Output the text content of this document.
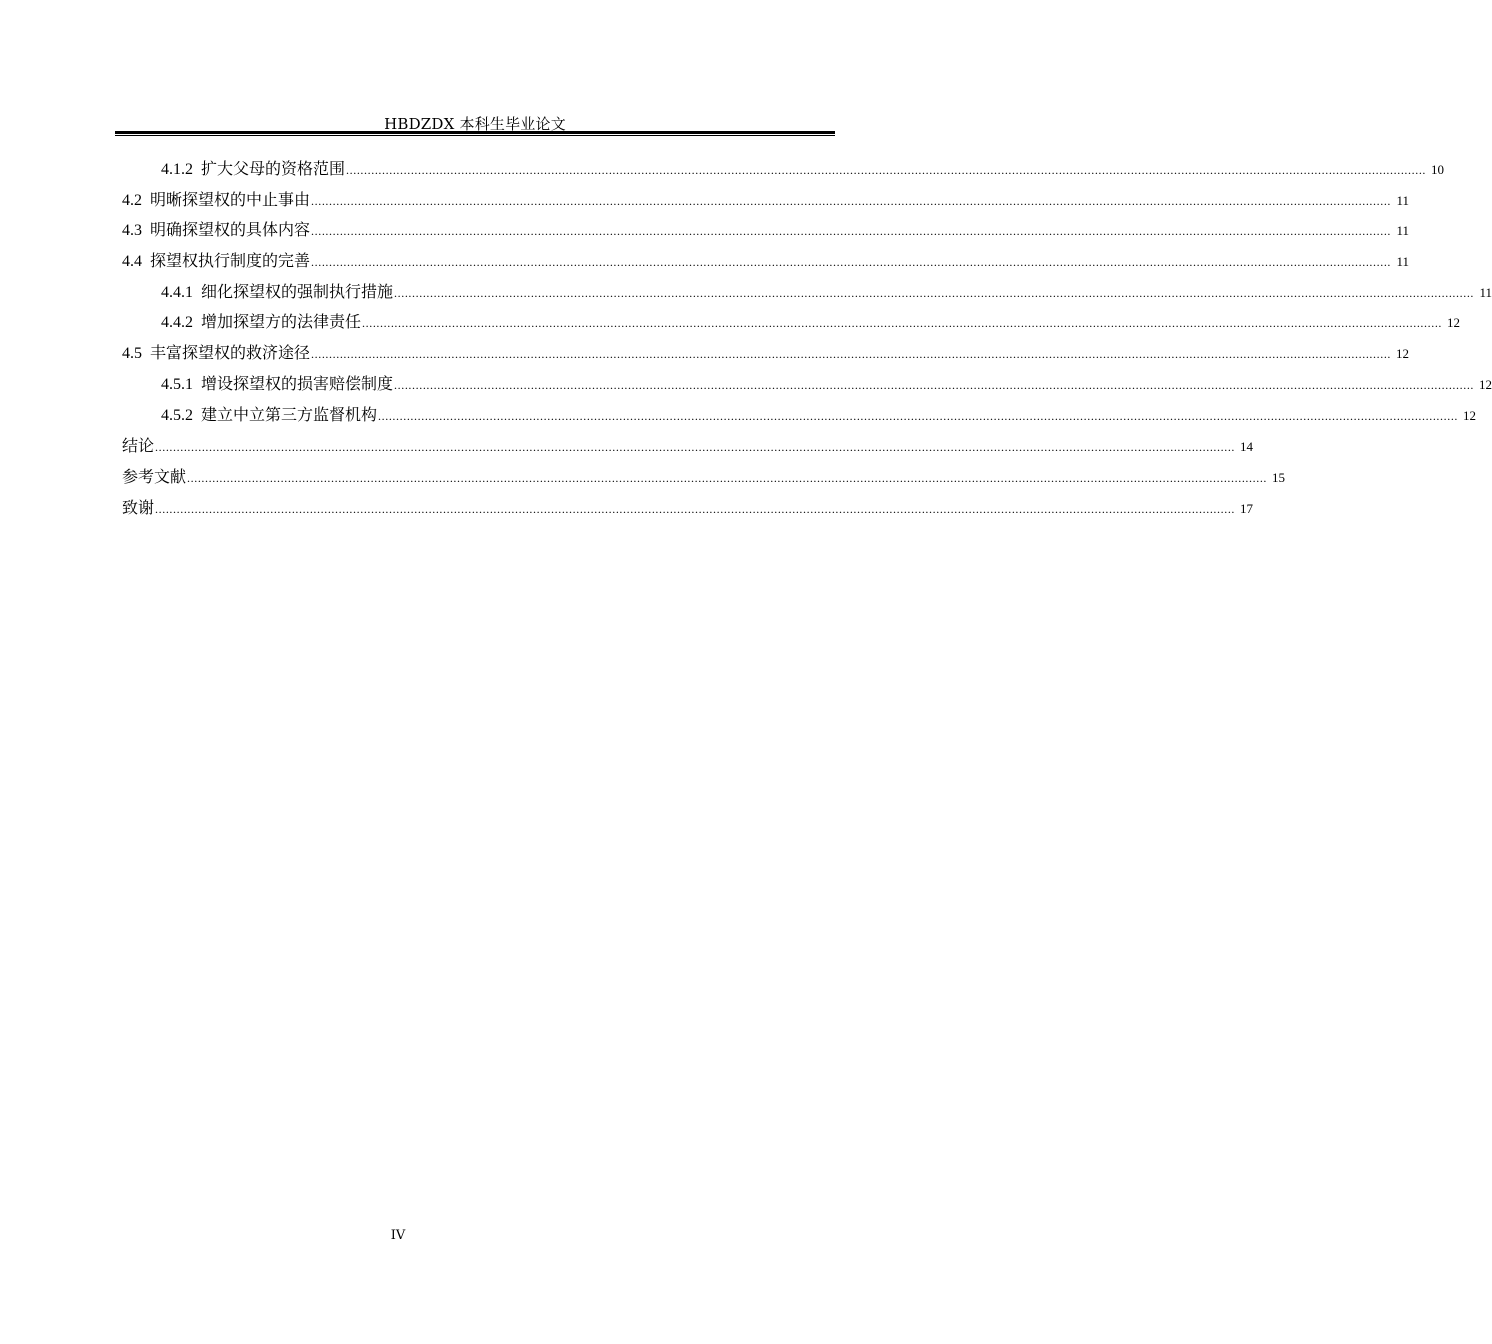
HBDZDX 本科生毕业论文
4.1.2 扩大父母的资格范围 ............................................................................................................................................................................................................................................................................................................ 10
4.2 明晰探望权的中止事由 ............................................................................................................................................................................................................................................................................................................ 11
4.3 明确探望权的具体内容 ............................................................................................................................................................................................................................................................................................................ 11
4.4 探望权执行制度的完善 ............................................................................................................................................................................................................................................................................................................ 11
4.4.1 细化探望权的强制执行措施 ............................................................................................................................................................................................................................................................................................................ 11
4.4.2 增加探望方的法律责任 ............................................................................................................................................................................................................................................................................................................ 12
4.5 丰富探望权的救济途径 ............................................................................................................................................................................................................................................................................................................ 12
4.5.1 增设探望权的损害赔偿制度 ............................................................................................................................................................................................................................................................................................................ 12
4.5.2 建立中立第三方监督机构 ............................................................................................................................................................................................................................................................................................................ 12
结论 ............................................................................................................................................................................................................................................................................................................ 14
参考文献 ............................................................................................................................................................................................................................................................................................................ 15
致谢 ............................................................................................................................................................................................................................................................................................................ 17
IV
